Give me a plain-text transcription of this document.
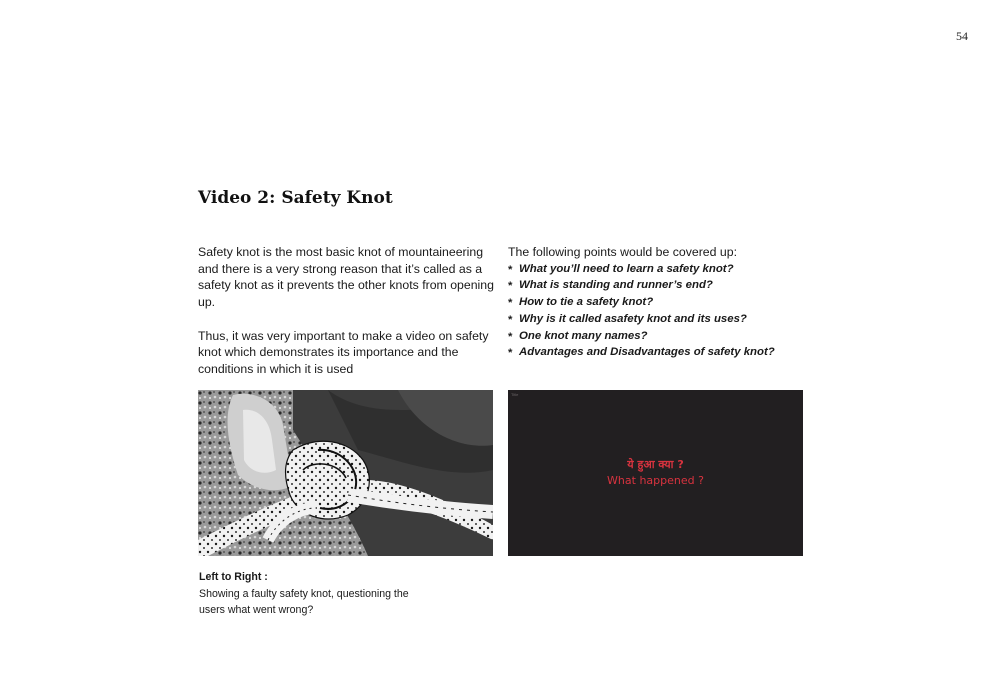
54
Video 2: Safety Knot

Safety knot is the most basic knot of mountaineering and there is a very strong reason that it’s called as a safety knot as it prevents the other knots from opening up.

Thus, it was very important to make a video on safety knot which demonstrates its importance and the conditions in which it is used

The following points would be covered up:

* What you’ll need to learn a safety knot?
* What is standing and runner’s end?
* How to tie a safety knot?
* Why is it called asafety knot and its uses?
* One knot many names?
* Advantages and Disadvantages of safety knot?
Title
ये हुआ क्या ?
What happened ?
Left to Right :
Showing a faulty safety knot, questioning the users what went wrong?
